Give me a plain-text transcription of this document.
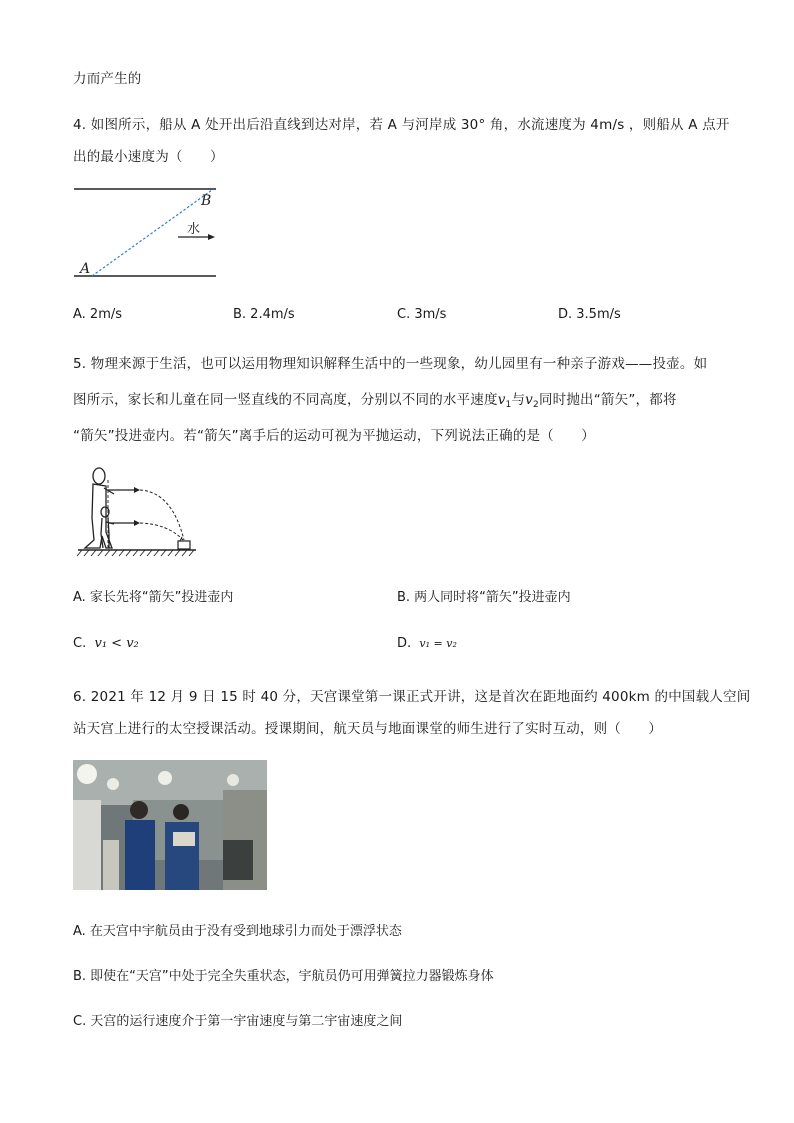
力而产生的
4. 如图所示，船从 A 处开出后沿直线到达对岸，若 A 与河岸成 30° 角，水流速度为 4m/s ，则船从 A 点开
出的最小速度为（　　）
A
B
水
A. 2m/s	B. 2.4m/s	C. 3m/s	D. 3.5m/s
5. 物理来源于生活，也可以运用物理知识解释生活中的一些现象，幼儿园里有一种亲子游戏——投壶。如
图所示，家长和儿童在同一竖直线的不同高度，分别以不同的水平速度$v_1$与$v_2$同时抛出“箭矢”，都将
“箭矢”投进壶内。若“箭矢”离手后的运动可视为平抛运动，下列说法正确的是（　　）
A. 家长先将“箭矢”投进壶内	B. 两人同时将“箭矢”投进壶内
C. v₁ < v₂	D. v₁ = v₂
6. 2021 年 12 月 9 日 15 时 40 分，天宫课堂第一课正式开讲，这是首次在距地面约 400km 的中国载人空间
站天宫上进行的太空授课活动。授课期间，航天员与地面课堂的师生进行了实时互动，则（　　）
A. 在天宫中宇航员由于没有受到地球引力而处于漂浮状态
B. 即使在“天宫”中处于完全失重状态，宇航员仍可用弹簧拉力器锻炼身体
C. 天宫的运行速度介于第一宇宙速度与第二宇宙速度之间
